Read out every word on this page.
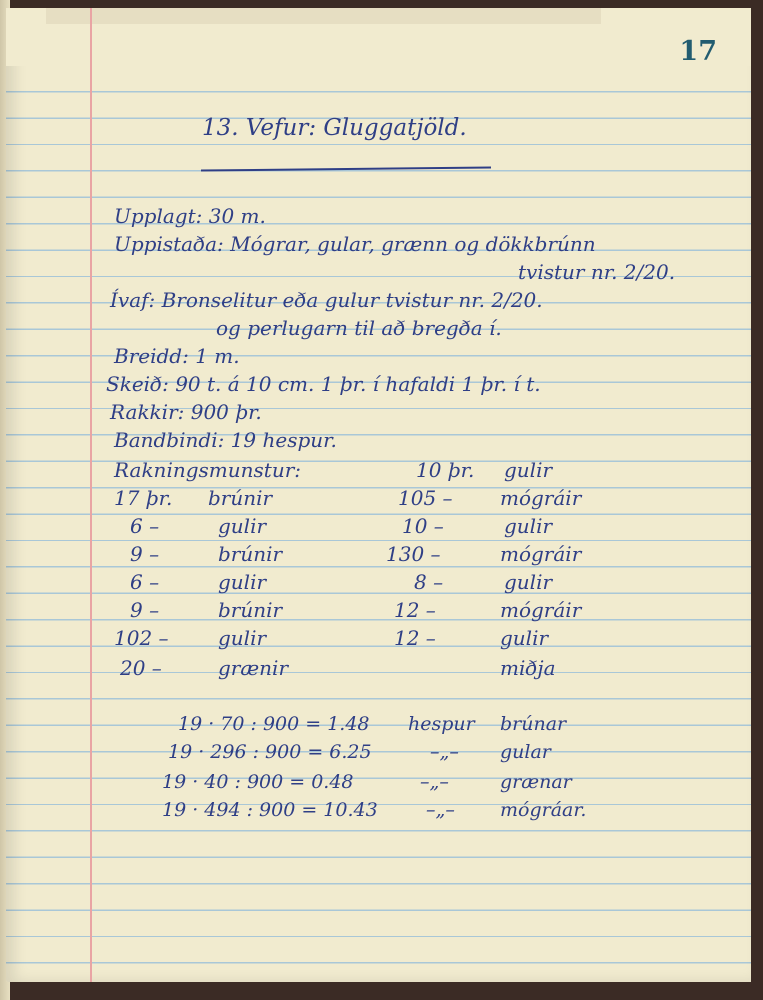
17
13. Vefur: Gluggatjöld.
Upplagt: 30 m.
Uppistaða: Mógrar, gular, grænn og dökkbrúnn
tvistur nr. 2/20.
Ívaf: Bronselitur eða gulur tvistur nr. 2/20.
og perlugarn til að bregða í.
Breidd: 1 m.
Skeið: 90 t. á 10 cm. 1 þr. í hafaldi 1 þr. í t.
Rakkir: 900 þr.
Bandbindi: 19 hespur.
Rakningsmunstur:	10 þr. gulir
17 þr. brúnir	105 – mógráir
6 –	gulir	10 –	gulir
9 –	brúnir	130 –	mógráir
6 –	gulir	8 –	gulir
9 –	brúnir	12 –	mógráir
102 – gulir	12 –	gulir
20 –	grænir	miðja
19 · 70 : 900 = 1.48 hespur brúnar
19 · 296 : 900 = 6.25	–„– gular
19 · 40 : 900 = 0.48	–„–	grænar
19 · 494 : 900 = 10.43	–„– mógráar.
